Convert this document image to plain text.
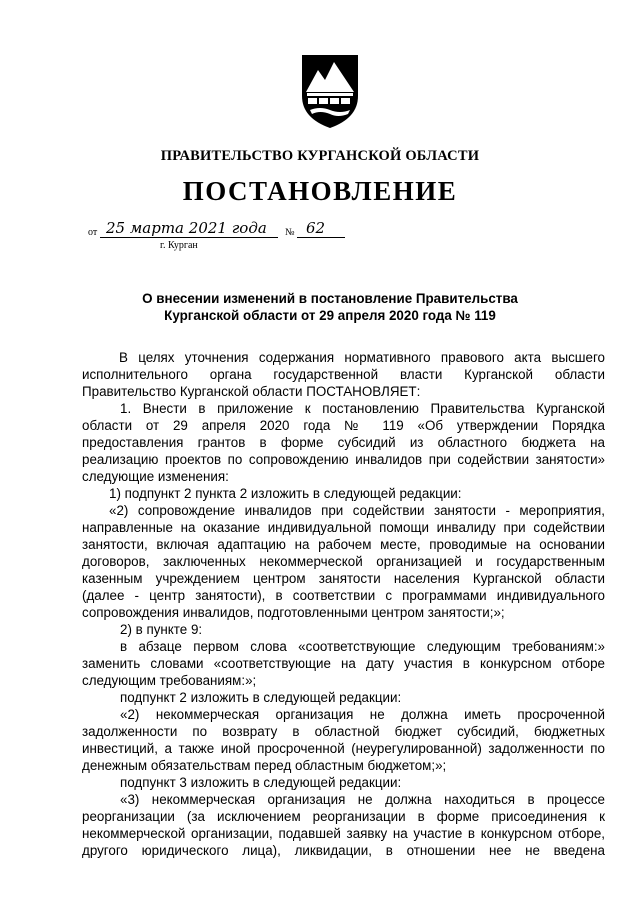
ПРАВИТЕЛЬСТВО КУРГАНСКОЙ ОБЛАСТИ
ПОСТАНОВЛЕНИЕ
от 25 марта 2021 года № 62
г. Курган
О внесении изменений в постановление Правительства
Курганской области от 29 апреля 2020 года № 119

В целях уточнения содержания нормативного правового акта высшего

исполнительного органа государственной власти Курганской области

Правительство Курганской области ПОСТАНОВЛЯЕТ:

1. Внести в приложение к постановлению Правительства Курганской

области от 29 апреля 2020 года № 119 «Об утверждении Порядка

предоставления грантов в форме субсидий из областного бюджета на

реализацию проектов по сопровождению инвалидов при содействии занятости»

следующие изменения:

1) подпункт 2 пункта 2 изложить в следующей редакции:

«2) сопровождение инвалидов при содействии занятости - мероприятия,

направленные на оказание индивидуальной помощи инвалиду при содействии

занятости, включая адаптацию на рабочем месте, проводимые на основании

договоров, заключенных некоммерческой организацией и государственным

казенным учреждением центром занятости населения Курганской области

(далее - центр занятости), в соответствии с программами индивидуального

сопровождения инвалидов, подготовленными центром занятости;»;

2) в пункте 9:

в абзаце первом слова «соответствующие следующим требованиям:»

заменить словами «соответствующие на дату участия в конкурсном отборе

следующим требованиям:»;

подпункт 2 изложить в следующей редакции:

«2) некоммерческая организация не должна иметь просроченной

задолженности по возврату в областной бюджет субсидий, бюджетных

инвестиций, а также иной просроченной (неурегулированной) задолженности по

денежным обязательствам перед областным бюджетом;»;

подпункт 3 изложить в следующей редакции:

«3) некоммерческая организация не должна находиться в процессе

реорганизации (за исключением реорганизации в форме присоединения к

некоммерческой организации, подавшей заявку на участие в конкурсном отборе,

другого юридического лица), ликвидации, в отношении нее не введена
